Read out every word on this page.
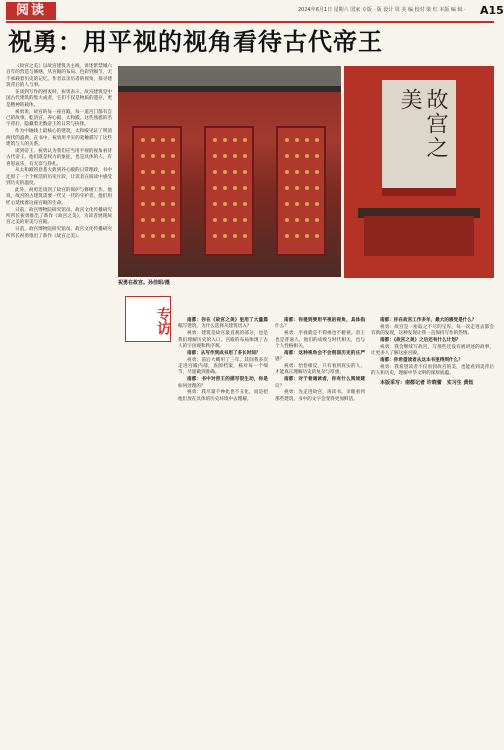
阅读	2024年6月1日 星期六 国家 专版 · 版 设计 周 美 编 校对 梁 红 本版 编 辑 · A15
祝勇：用平视的视角看待古代帝王

《故宫之美》以故宫建筑为主线，讲述紫禁城六百年的营造与修缮，从宫殿的布局、色彩到细节，无不承载着历史的记忆。作者以亲历者的视角，探寻建筑背后的人与事。

在谈到写作的初衷时，祝勇表示，故宫建筑是中国古代建筑的集大成者，它们不仅是物质的遗存，更是精神的载体。

祝勇说，故宫的每一座宫殿、每一道宫门都有自己的故事。乾清宫、养心殿、太和殿，这些熟悉的名字背后，隐藏着无数帝王的日常与抉择。

作为中轴线上最核心的建筑，太和殿见证了明清两代的盛典。在书中，祝勇用平实的笔触描写了这些建筑与人的关系。

谈到帝王，祝勇认为我们应当用平视的视角看待古代帝王。他们既是权力的象征，也是具体的人，有喜怒哀乐，有无奈与挣扎。

从太和殿的登基大典到养心殿的日常理政，书中还原了一个个鲜活的历史片段，让读者在阅读中感受到历史的温度。

此外，祝勇还谈到了故宫的保护与修缮工作。他说，故宫的古建筑需要一代又一代的守护者，他们用匠心延续着这座宫殿的生命。

日前，故宫博物院研究馆员、故宫文化传播研究所所长祝勇推出了新作《故宫之美》，为读者展现故宫之美的审美与宫殿。

日前，故宫博物院研究馆员、故宫文化传播研究所所长祝勇推出了新作《故宫之美》。

祝勇在故宫。孙佳昭/摄
故宫之美
专访	南都：你在《故宫之美》里用了大量篇幅写建筑，为什么选择从建筑切入？

祝勇：建筑是故宫最直观的部分，也是我们理解历史的入口。宫殿的布局体现了古人的宇宙观和秩序观。

南都：从写作到成书用了多长时间？

祝勇：前后大概用了三年。其间我多次走进宫殿内部，查阅档案，核对每一个细节，尽量做到准确。

南都：书中对帝王的描写很生动，你是如何处理的？

祝勇：我尽量不神化也不丑化，而是把他们放在具体的历史环境中去理解。

南都：你提到要用平视的视角，具体指什么？

祝勇：平视就是不仰视也不俯视。帝王也是普通人，他们的成败与时代相关，也与个人性格相关。

南都：这种视角会不会削弱历史的庄严感？

祝勇：恰恰相反，只有看到真实的人，才能真正理解历史的复杂与厚重。

南都：对于普通读者，你有什么阅读建议？

祝勇：先走进故宫，再读书。亲眼看到那些建筑，书中的文字会变得更加鲜活。

南都：你在故宫工作多年，最大的感受是什么？

祝勇：故宫是一座取之不尽的宝库。每一次走进去都会有新的发现，这种发现让我一直保持写作的热情。

南都：《故宫之美》之后还有什么计划？

祝勇：我会继续写故宫，写那些还没有被讲述的故事，让更多人了解这座宫殿。

南都：你希望读者从这本书里得到什么？

祝勇：我希望读者不仅看到故宫的美，也能看到美背后的人和历史，理解中华文明的深厚底蕴。

本版采写：南都记者 许晓蕾　实习生 黄钰
